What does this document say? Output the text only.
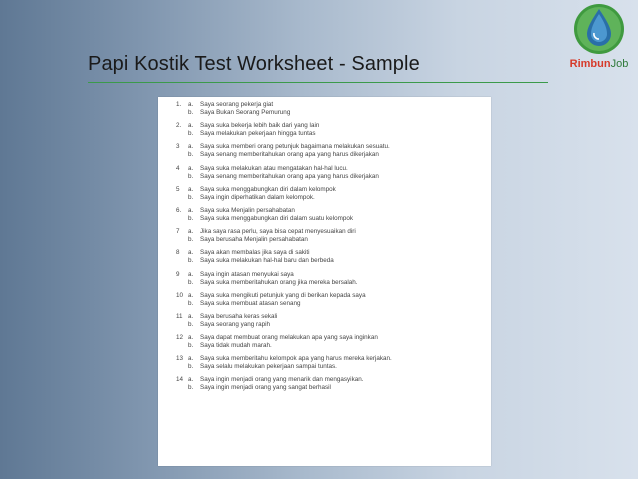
Papi Kostik Test Worksheet - Sample	RimbunJob
1.	a.	Saya seorang pekerja giat
b.	Saya Bukan Seorang Pemurung
2.	a.	Saya suka bekerja lebih baik dari yang lain
b.	Saya melakukan pekerjaan hingga tuntas
3	a.	Saya suka memberi orang petunjuk bagaimana melakukan sesuatu.
b.	Saya senang memberitahukan orang apa yang harus dikerjakan
4	a.	Saya suka melakukan atau mengatakan hal-hal lucu.
b.	Saya senang memberitahukan orang apa yang harus dikerjakan
5	a.	Saya suka menggabungkan diri dalam kelompok
b.	Saya ingin diperhatikan dalam kelompok.
6.	a.	Saya suka Menjalin persahabatan
b.	Saya suka menggabungkan diri dalam suatu kelompok
7	a.	Jika saya rasa perlu, saya bisa cepat menyesuaikan diri
b.	Saya berusaha Menjalin persahabatan
8	a.	Saya akan membalas jika saya di sakiti
b.	Saya suka melakukan hal-hal baru dan berbeda
9	a.	Saya ingin atasan menyukai saya
b.	Saya suka memberitahukan orang jika mereka bersalah.
10 a.	Saya suka mengikuti petunjuk yang di berikan kepada saya
b.	Saya suka membuat atasan senang
11 a.	Saya berusaha keras sekali
b.	Saya seorang yang rapih
12 a.	Saya dapat membuat orang melakukan apa yang saya inginkan
b.	Saya tidak mudah marah.
13 a.	Saya suka memberitahu kelompok apa yang harus mereka kerjakan.
b.	Saya selalu melakukan pekerjaan sampai tuntas.
14 a.	Saya ingin menjadi orang yang menarik dan mengasyikan.
b.	Saya ingin menjadi orang yang sangat berhasil
